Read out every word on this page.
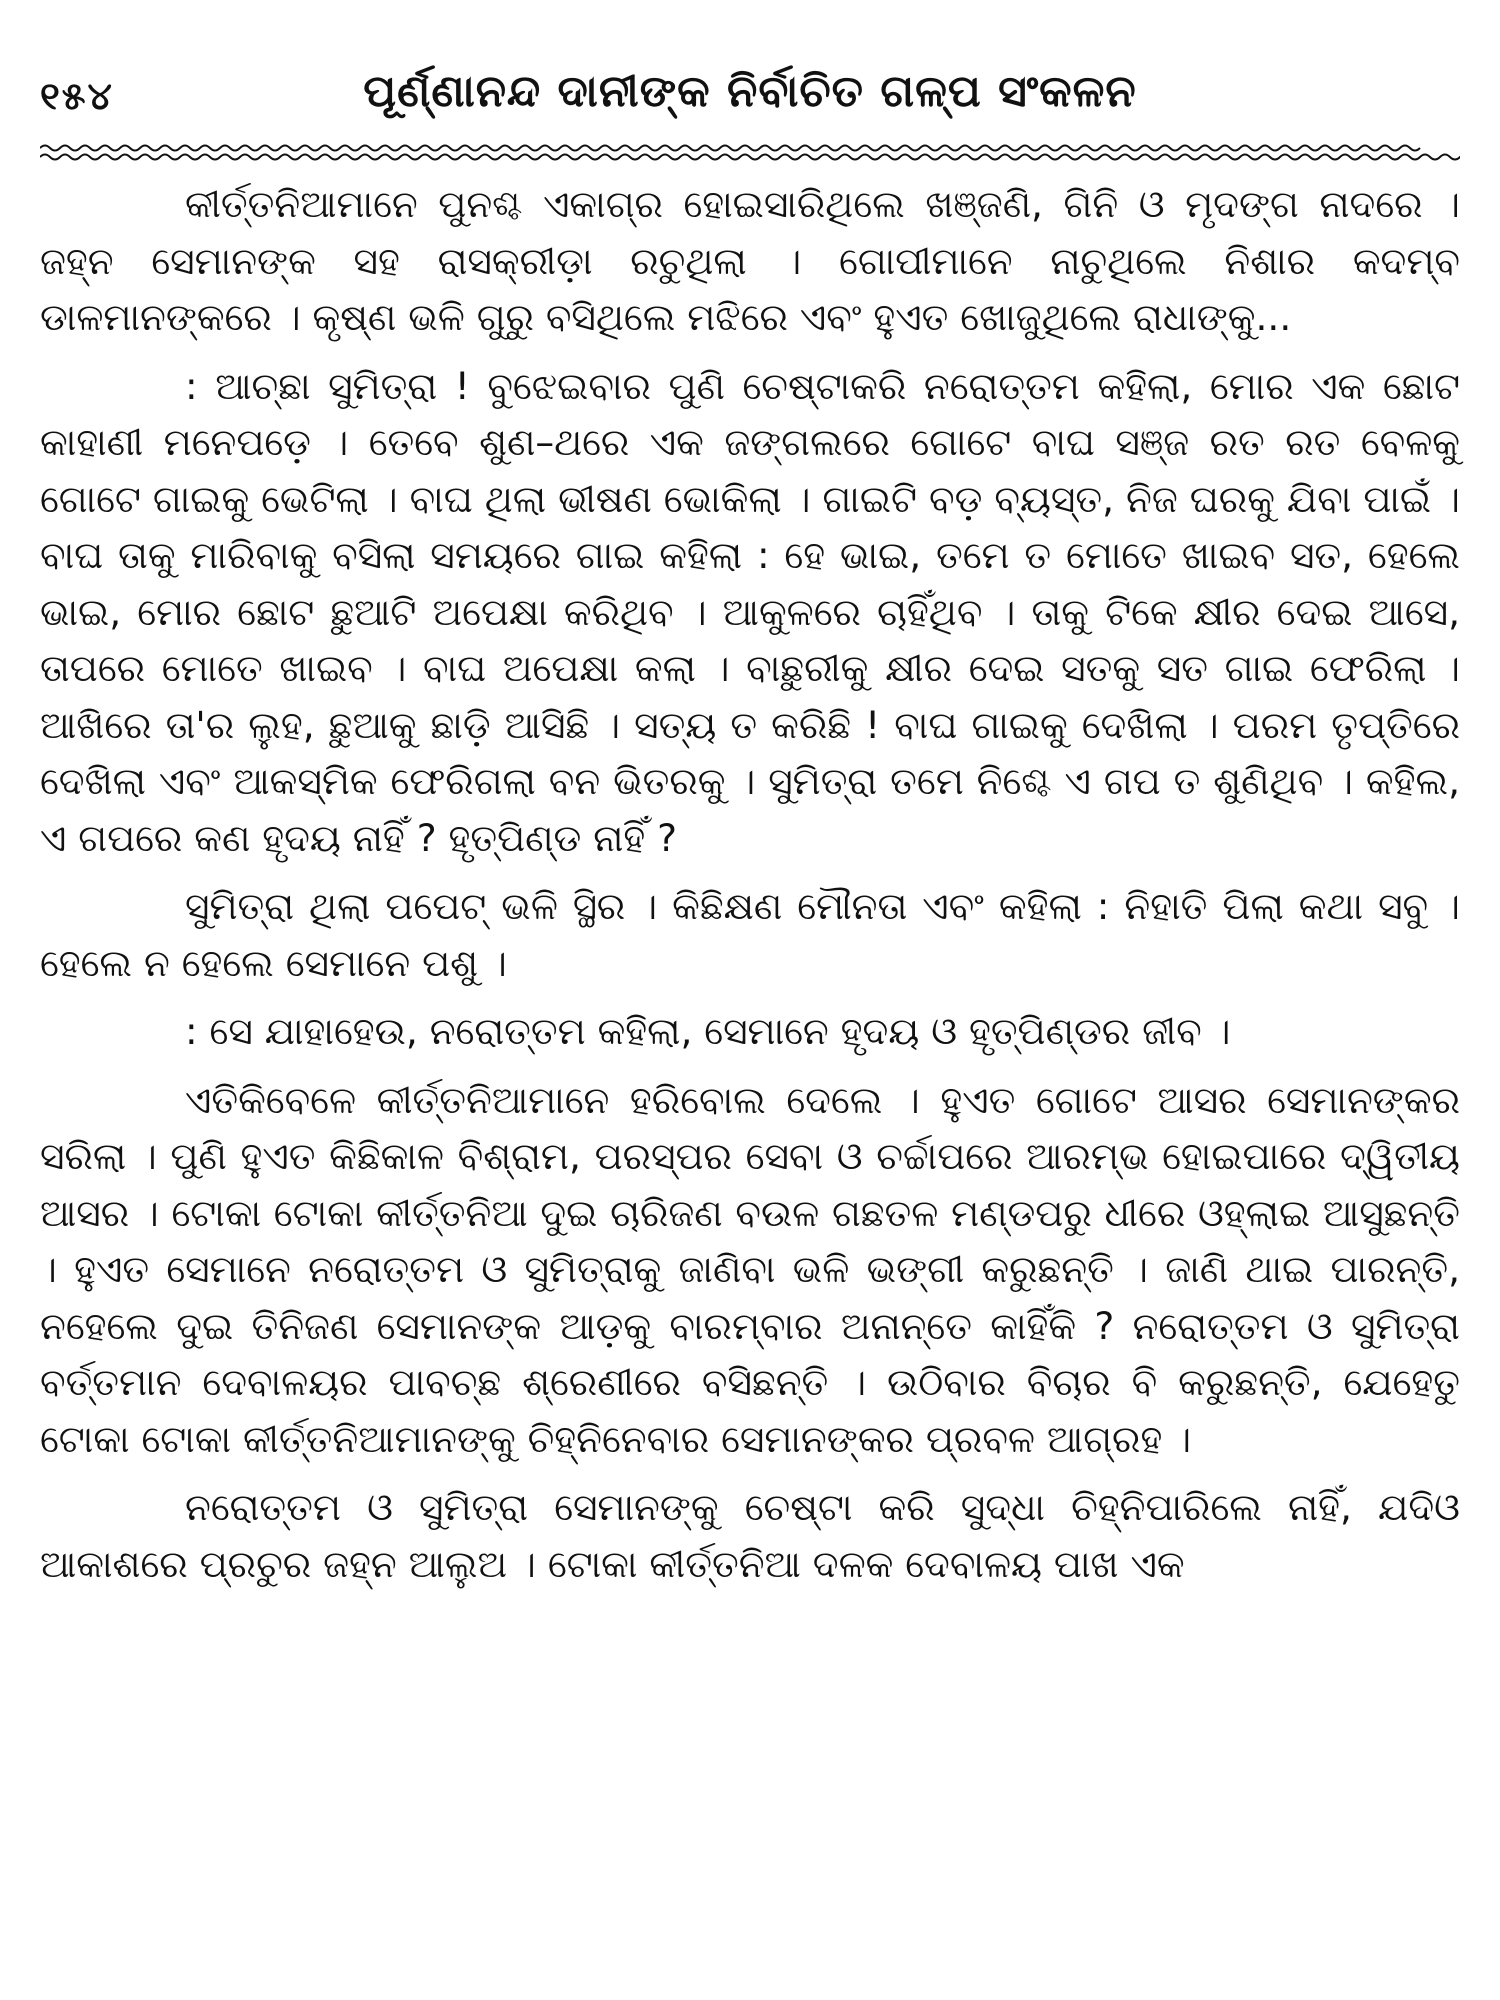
୧୫୪	ପୂର୍ଣ୍ଣାନନ୍ଦ ଦାନୀଙ୍କ ନିର୍ବାଚିତ ଗଳ୍ପ ସଂକଳନ

କୀର୍ତ୍ତନିଆମାନେ ପୁନଶ୍ଚ ଏକାଗ୍ର ହୋଇସାରିଥିଲେ ଖଞ୍ଜଣି, ଗିନି ଓ ମୃଦଙ୍ଗ ନାଦରେ । ଜହ୍ନ ସେମାନଙ୍କ ସହ ରାସକ୍ରୀଡ଼ା ରଚୁଥିଲା । ଗୋପୀମାନେ ନାଚୁଥିଲେ ନିଶାର କଦମ୍ବ ଡାଳମାନଙ୍କରେ । କୃଷ୍ଣ ଭଳି ଗୁରୁ ବସିଥିଲେ ମଝିରେ ଏବଂ ହୁଏତ ଖୋଜୁଥିଲେ ରାଧାଙ୍କୁ...

: ଆଚ୍ଛା ସୁମିତ୍ରା ! ବୁଝେଇବାର ପୁଣି ଚେଷ୍ଟାକରି ନରୋତ୍ତମ କହିଲା, ମୋର ଏକ ଛୋଟ କାହାଣୀ ମନେପଡ଼େ । ତେବେ ଶୁଣ–ଥରେ ଏକ ଜଙ୍ଗଲରେ ଗୋଟେ ବାଘ ସଞ୍ଜ ରତ ରତ ବେଳକୁ ଗୋଟେ ଗାଇକୁ ଭେଟିଲା । ବାଘ ଥିଲା ଭୀଷଣ ଭୋକିଲା । ଗାଇଟି ବଡ଼ ବ୍ୟସ୍ତ, ନିଜ ଘରକୁ ଯିବା ପାଇଁ । ବାଘ ତାକୁ ମାରିବାକୁ ବସିଲା ସମୟରେ ଗାଇ କହିଲା : ହେ ଭାଇ, ତମେ ତ ମୋତେ ଖାଇବ ସତ, ହେଲେ ଭାଇ, ମୋର ଛୋଟ ଛୁଆଟି ଅପେକ୍ଷା କରିଥିବ । ଆକୁଳରେ ଚାହିଁଥିବ । ତାକୁ ଟିକେ କ୍ଷୀର ଦେଇ ଆସେ, ତାପରେ ମୋତେ ଖାଇବ । ବାଘ ଅପେକ୍ଷା କଲା । ବାଛୁରୀକୁ କ୍ଷୀର ଦେଇ ସତକୁ ସତ ଗାଇ ଫେରିଲା । ଆଖିରେ ତା'ର ଲୁହ, ଛୁଆକୁ ଛାଡ଼ି ଆସିଛି । ସତ୍ୟ ତ କରିଛି ! ବାଘ ଗାଇକୁ ଦେଖିଲା । ପରମ ତୃପ୍ତିରେ ଦେଖିଲା ଏବଂ ଆକସ୍ମିକ ଫେରିଗଲା ବନ ଭିତରକୁ । ସୁମିତ୍ରା ତମେ ନିଶ୍ଚେ ଏ ଗପ ତ ଶୁଣିଥିବ । କହିଲ, ଏ ଗପରେ କଣ ହୃଦୟ ନାହିଁ ? ହୃତ୍‌ପିଣ୍ଡ ନାହିଁ ?

ସୁମିତ୍ରା ଥିଲା ପପେଟ୍ ଭଳି ସ୍ଥିର । କିଛିକ୍ଷଣ ମୌନତା ଏବଂ କହିଲା : ନିହାତି ପିଲା କଥା ସବୁ । ହେଲେ ନ ହେଲେ ସେମାନେ ପଶୁ ।

: ସେ ଯାହାହେଉ, ନରୋତ୍ତମ କହିଲା, ସେମାନେ ହୃଦୟ ଓ ହୃତ୍‌ପିଣ୍ଡର ଜୀବ ।

ଏତିକିବେଳେ କୀର୍ତ୍ତନିଆମାନେ ହରିବୋଲ ଦେଲେ । ହୁଏତ ଗୋଟେ ଆସର ସେମାନଙ୍କର ସରିଲା । ପୁଣି ହୁଏତ କିଛିକାଳ ବିଶ୍ରାମ, ପରସ୍ପର ସେବା ଓ ଚର୍ଚ୍ଚାପରେ ଆରମ୍ଭ ହୋଇପାରେ ଦ୍ୱିତୀୟ ଆସର । ଟୋକା ଟୋକା କୀର୍ତ୍ତନିଆ ଦୁଇ ଚାରିଜଣ ବଉଳ ଗଛତଳ ମଣ୍ଡପରୁ ଧୀରେ ଓହ୍ଲାଇ ଆସୁଛନ୍ତି । ହୁଏତ ସେମାନେ ନରୋତ୍ତମ ଓ ସୁମିତ୍ରାକୁ ଜାଣିବା ଭଳି ଭଙ୍ଗୀ କରୁଛନ୍ତି । ଜାଣି ଥାଇ ପାରନ୍ତି, ନହେଲେ ଦୁଇ ତିନିଜଣ ସେମାନଙ୍କ ଆଡ଼କୁ ବାରମ୍ବାର ଅନାନ୍ତେ କାହିଁକି ? ନରୋତ୍ତମ ଓ ସୁମିତ୍ରା ବର୍ତ୍ତମାନ ଦେବାଳୟର ପାବଚ୍ଛ ଶ୍ରେଣୀରେ ବସିଛନ୍ତି । ଉଠିବାର ବିଚାର ବି କରୁଛନ୍ତି, ଯେହେତୁ ଟୋକା ଟୋକା କୀର୍ତ୍ତନିଆମାନଙ୍କୁ ଚିହ୍ନିନେବାର ସେମାନଙ୍କର ପ୍ରବଳ ଆଗ୍ରହ ।

ନରୋତ୍ତମ ଓ ସୁମିତ୍ରା ସେମାନଙ୍କୁ ଚେଷ୍ଟା କରି ସୁଦ୍ଧା ଚିହ୍ନିପାରିଲେ ନାହିଁ, ଯଦିଓ ଆକାଶରେ ପ୍ରଚୁର ଜହ୍ନ ଆଲୁଅ । ଟୋକା କୀର୍ତ୍ତନିଆ ଦଳକ ଦେବାଳୟ ପାଖ ଏକ
